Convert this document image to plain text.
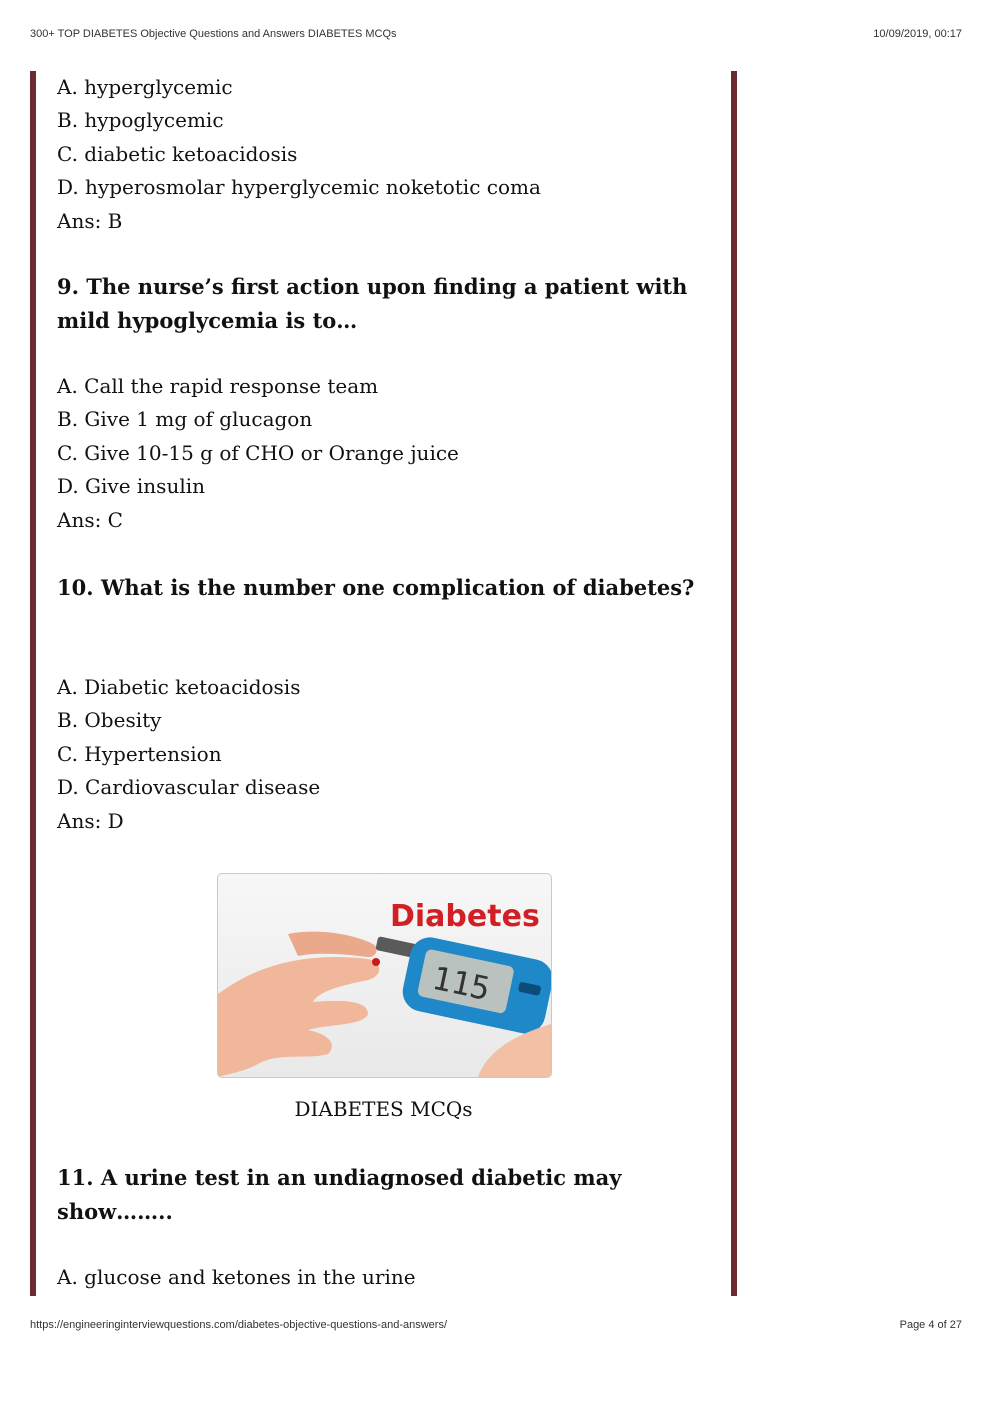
300+ TOP DIABETES Objective Questions and Answers DIABETES MCQs	10/09/2019, 00:17

A. hyperglycemic

B. hypoglycemic

C. diabetic ketoacidosis

D. hyperosmolar hyperglycemic noketotic coma

Ans: B

9. The nurse’s first action upon finding a patient with

mild hypoglycemia is to…

A. Call the rapid response team

B. Give 1 mg of glucagon

C. Give 10-15 g of CHO or Orange juice

D. Give insulin

Ans: C

10. What is the number one complication of diabetes?

A. Diabetic ketoacidosis

B. Obesity

C. Hypertension

D. Cardiovascular disease

Ans: D

115
Diabetes
DIABETES MCQs

11. A urine test in an undiagnosed diabetic may

show……..

A. glucose and ketones in the urine

https://engineeringinterviewquestions.com/diabetes-objective-questions-and-answers/	Page 4 of 27
